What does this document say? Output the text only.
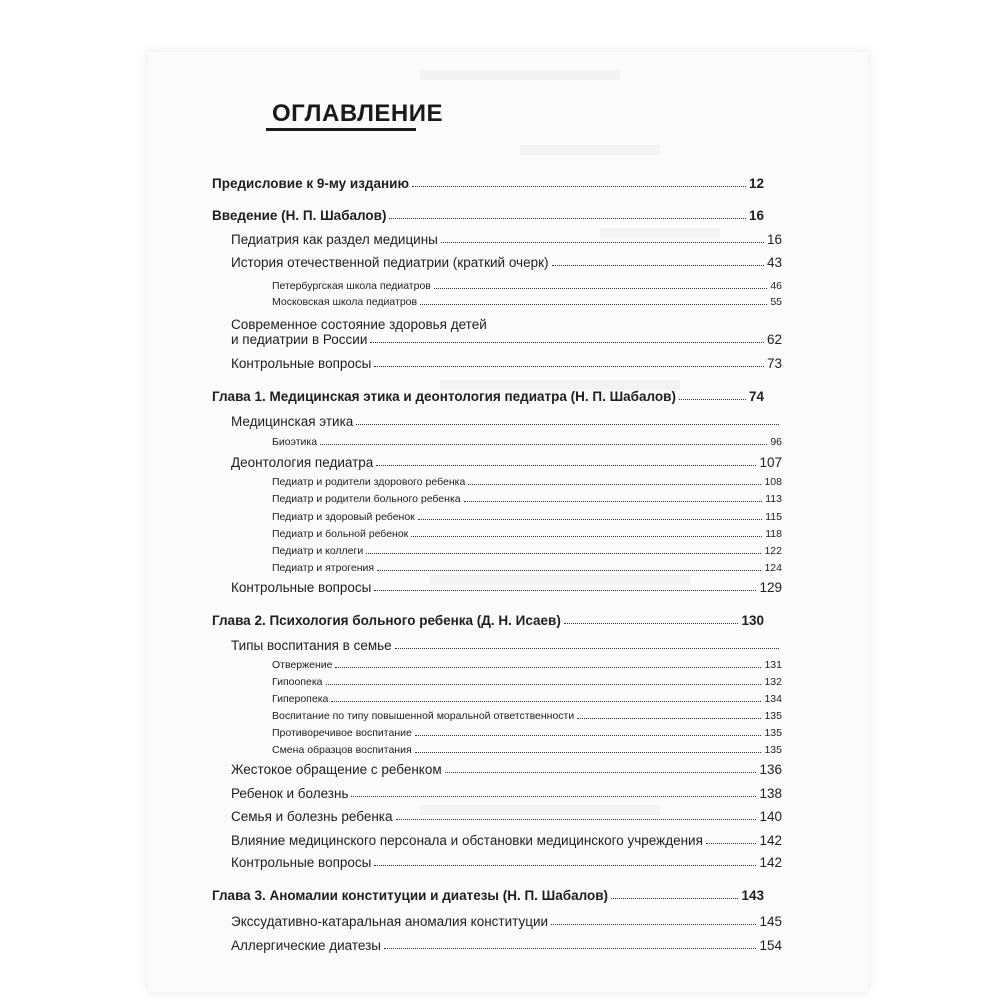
ОГЛАВЛЕНИЕ
Предисловие к 9-му изданию	12
Введение (Н. П. Шабалов)	16
Педиатрия как раздел медицины	16
История отечественной педиатрии (краткий очерк)	43
Петербургская школа педиатров	46
Московская школа педиатров	55
Современное состояние здоровья детей
и педиатрии в России	62
Контрольные вопросы	73
Глава 1. Медицинская этика и деонтология педиатра (Н. П. Шабалов)	74
Медицинская этика
Биоэтика	96
Деонтология педиатра	107
Педиатр и родители здорового ребенка	108
Педиатр и родители больного ребенка	113
Педиатр и здоровый ребенок	115
Педиатр и больной ребенок	118
Педиатр и коллеги	122
Педиатр и ятрогения	124
Контрольные вопросы	129
Глава 2. Психология больного ребенка (Д. Н. Исаев)	130
Типы воспитания в семье
Отвержение	131
Гипоопека	132
Гиперопека	134
Воспитание по типу повышенной моральной ответственности	135
Противоречивое воспитание	135
Смена образцов воспитания	135
Жестокое обращение с ребенком	136
Ребенок и болезнь	138
Семья и болезнь ребенка	140
Влияние медицинского персонала и обстановки медицинского учреждения	142
Контрольные вопросы	142
Глава 3. Аномалии конституции и диатезы (Н. П. Шабалов)	143
Экссудативно-катаральная аномалия конституции	145
Аллергические диатезы	154
